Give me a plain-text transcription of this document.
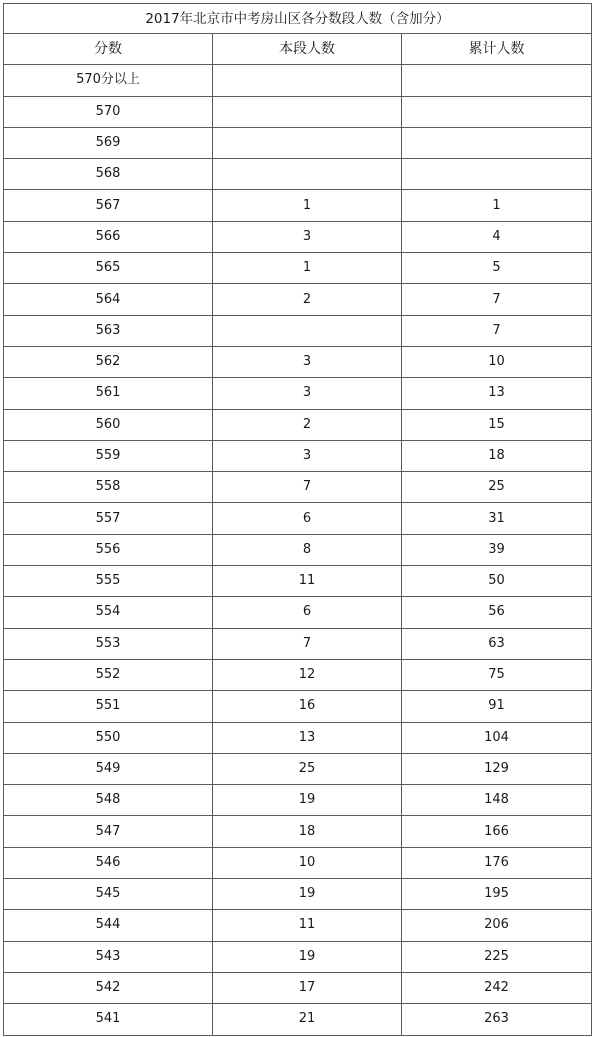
2017年北京市中考房山区各分数段人数（含加分）		
分数	本段人数	累计人数
570分以上		
570		
569		
568		
567	1	1
566	3	4
565	1	5
564	2	7
563		7
562	3	10
561	3	13
560	2	15
559	3	18
558	7	25
557	6	31
556	8	39
555	11	50
554	6	56
553	7	63
552	12	75
551	16	91
550	13	104
549	25	129
548	19	148
547	18	166
546	10	176
545	19	195
544	11	206
543	19	225
542	17	242
541	21	263
